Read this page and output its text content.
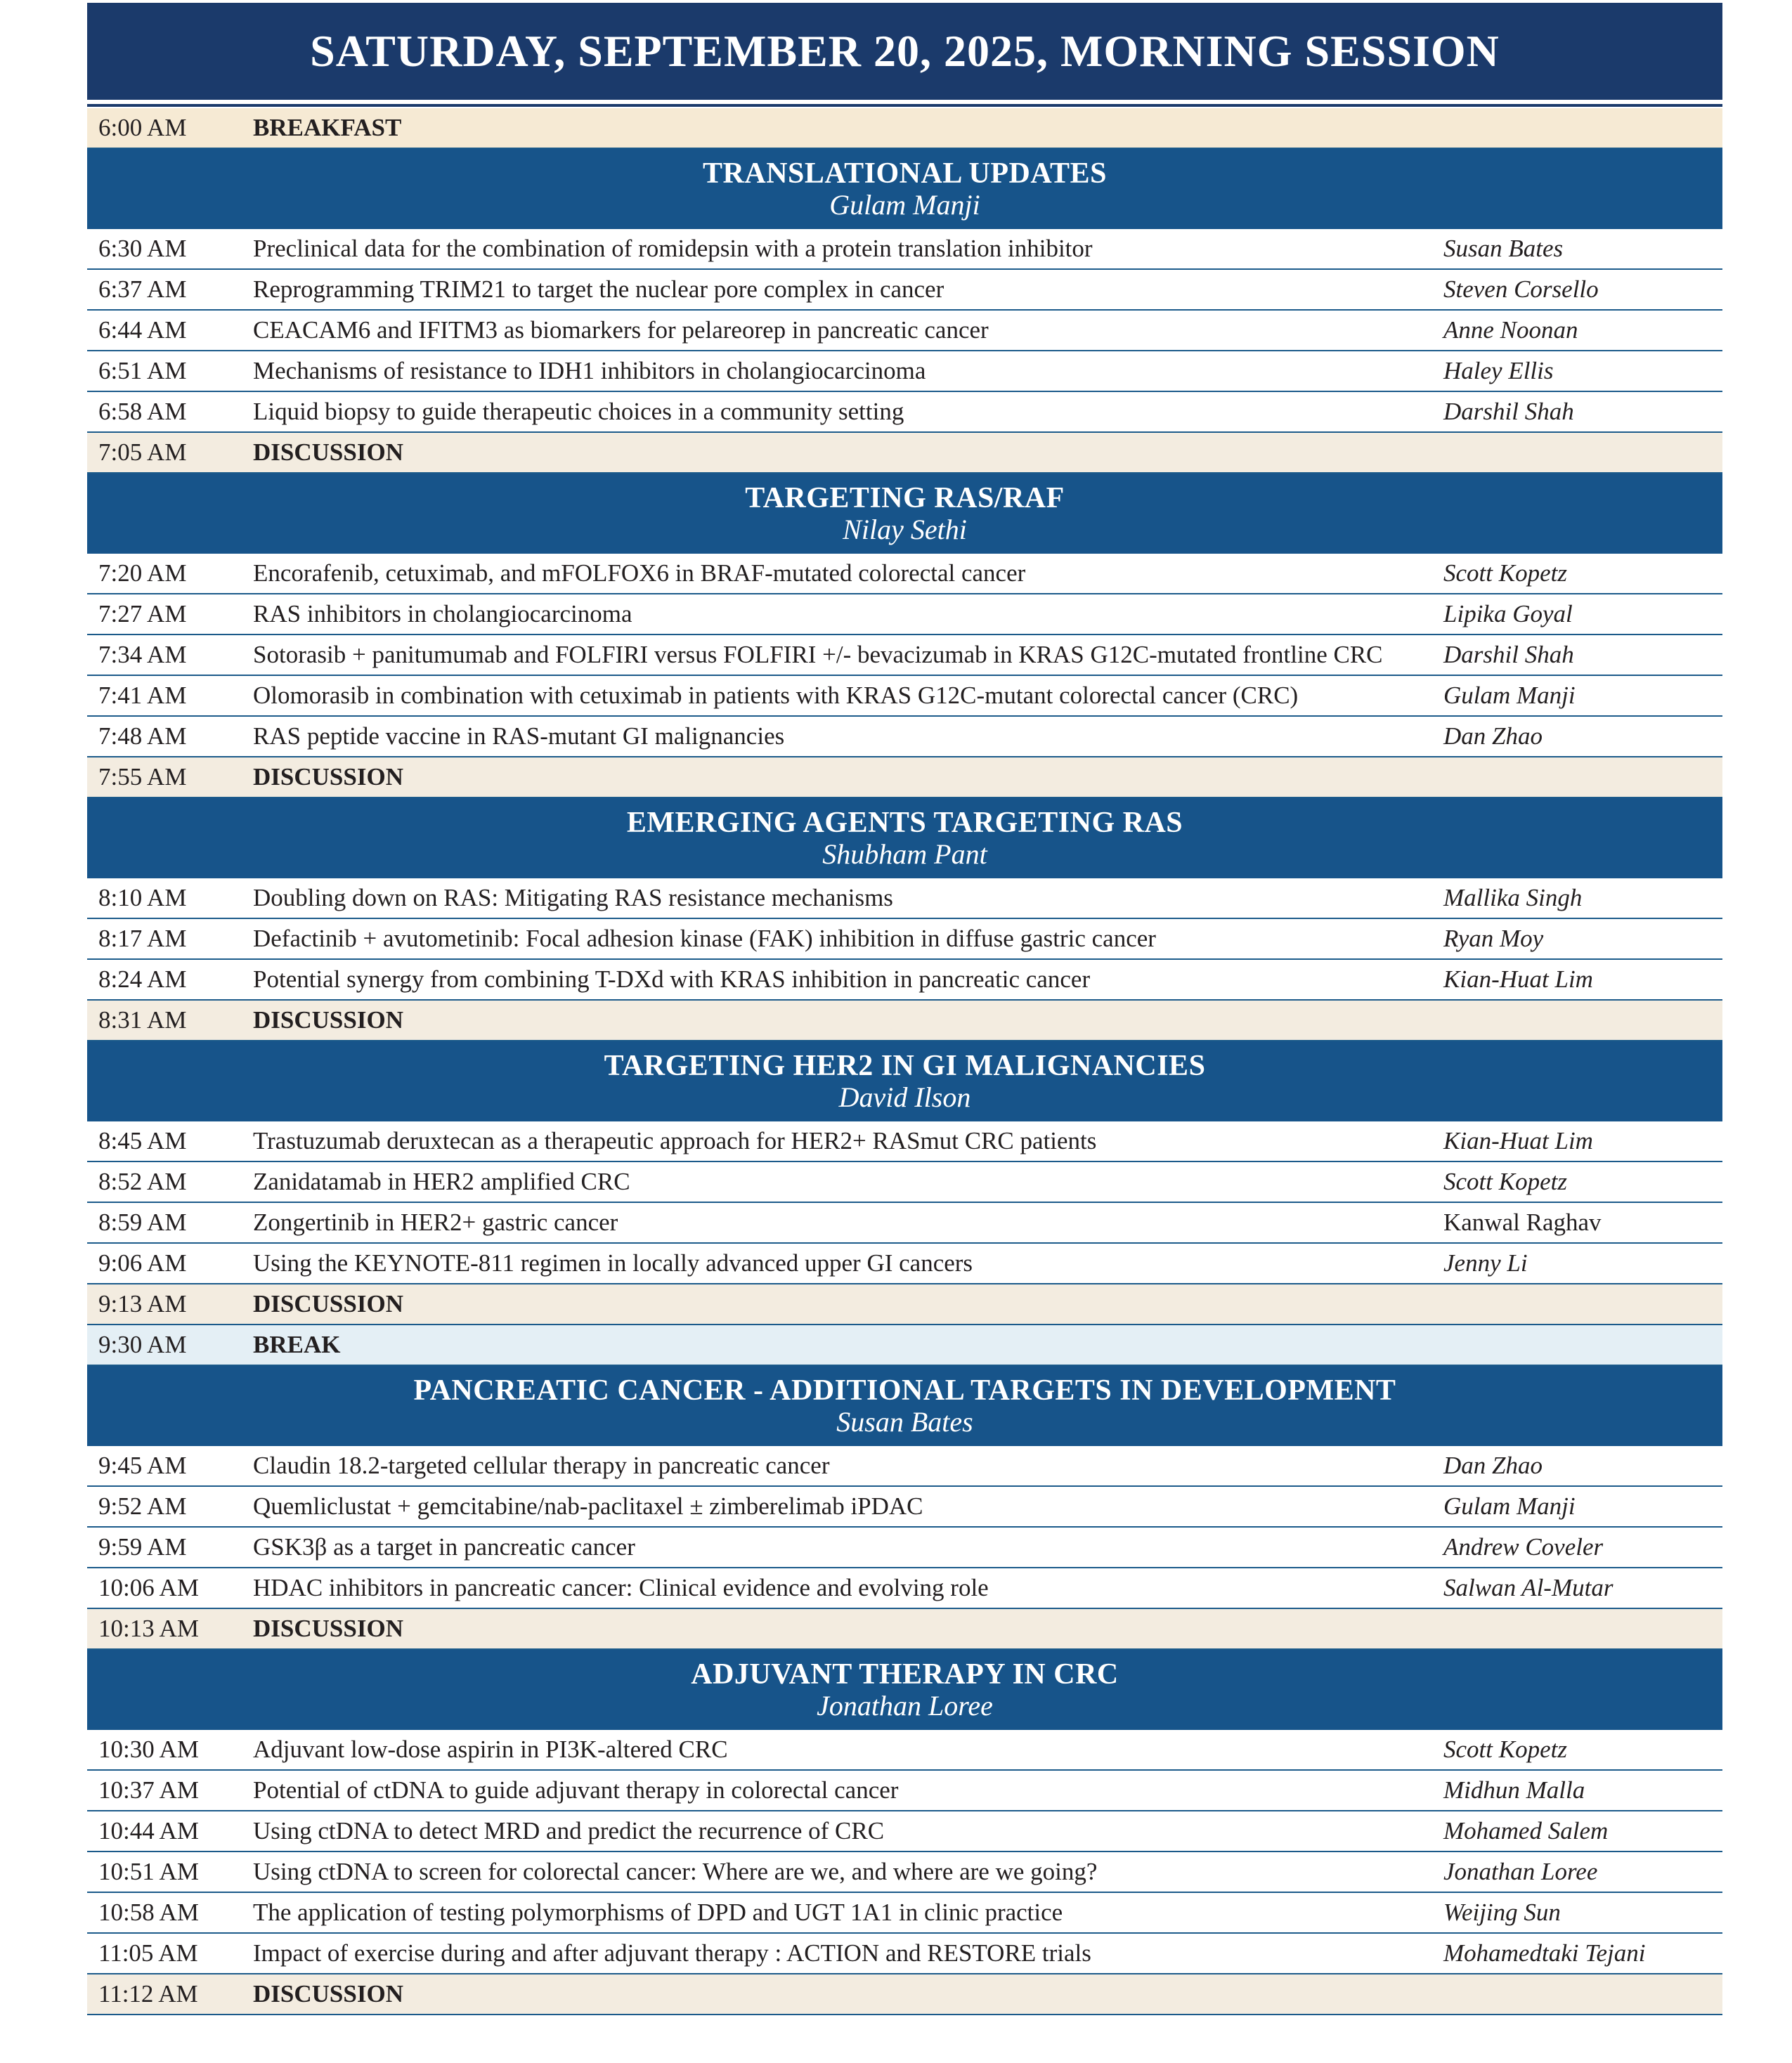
SATURDAY, SEPTEMBER 20, 2025, MORNING SESSION
6:00 AM	BREAKFAST
TRANSLATIONAL UPDATES
Gulam Manji
6:30 AM	Preclinical data for the combination of romidepsin with a protein translation inhibitor	Susan Bates
6:37 AM	Reprogramming TRIM21 to target the nuclear pore complex in cancer	Steven Corsello
6:44 AM	CEACAM6 and IFITM3 as biomarkers for pelareorep in pancreatic cancer	Anne Noonan
6:51 AM	Mechanisms of resistance to IDH1 inhibitors in cholangiocarcinoma	Haley Ellis
6:58 AM	Liquid biopsy to guide therapeutic choices in a community setting	Darshil Shah
7:05 AM	DISCUSSION
TARGETING RAS/RAF
Nilay Sethi
7:20 AM	Encorafenib, cetuximab, and mFOLFOX6 in BRAF-mutated colorectal cancer	Scott Kopetz
7:27 AM	RAS inhibitors in cholangiocarcinoma	Lipika Goyal
7:34 AM	Sotorasib + panitumumab and FOLFIRI versus FOLFIRI +/- bevacizumab in KRAS G12C-mutated frontline CRC	Darshil Shah
7:41 AM	Olomorasib in combination with cetuximab in patients with KRAS G12C-mutant colorectal cancer (CRC)	Gulam Manji
7:48 AM	RAS peptide vaccine in RAS-mutant GI malignancies	Dan Zhao
7:55 AM	DISCUSSION
EMERGING AGENTS TARGETING RAS
Shubham Pant
8:10 AM	Doubling down on RAS: Mitigating RAS resistance mechanisms	Mallika Singh
8:17 AM	Defactinib + avutometinib: Focal adhesion kinase (FAK) inhibition in diffuse gastric cancer	Ryan Moy
8:24 AM	Potential synergy from combining T-DXd with KRAS inhibition in pancreatic cancer	Kian-Huat Lim
8:31 AM	DISCUSSION
TARGETING HER2 IN GI MALIGNANCIES
David Ilson
8:45 AM	Trastuzumab deruxtecan as a therapeutic approach for HER2+ RASmut CRC patients	Kian-Huat Lim
8:52 AM	Zanidatamab in HER2 amplified CRC	Scott Kopetz
8:59 AM	Zongertinib in HER2+ gastric cancer	Kanwal Raghav
9:06 AM	Using the KEYNOTE-811 regimen in locally advanced upper GI cancers	Jenny Li
9:13 AM	DISCUSSION
9:30 AM	BREAK
PANCREATIC CANCER - ADDITIONAL TARGETS IN DEVELOPMENT
Susan Bates
9:45 AM	Claudin 18.2-targeted cellular therapy in pancreatic cancer	Dan Zhao
9:52 AM	Quemliclustat + gemcitabine/nab-paclitaxel ± zimberelimab iPDAC	Gulam Manji
9:59 AM	GSK3β as a target in pancreatic cancer	Andrew Coveler
10:06 AM	HDAC inhibitors in pancreatic cancer: Clinical evidence and evolving role	Salwan Al-Mutar
10:13 AM	DISCUSSION
ADJUVANT THERAPY IN CRC
Jonathan Loree
10:30 AM	Adjuvant low-dose aspirin in PI3K-altered CRC	Scott Kopetz
10:37 AM	Potential of ctDNA to guide adjuvant therapy in colorectal cancer	Midhun Malla
10:44 AM	Using ctDNA to detect MRD and predict the recurrence of CRC	Mohamed Salem
10:51 AM	Using ctDNA to screen for colorectal cancer: Where are we, and where are we going?	Jonathan Loree
10:58 AM	The application of testing polymorphisms of DPD and UGT 1A1 in clinic practice	Weijing Sun
11:05 AM	Impact of exercise during and after adjuvant therapy : ACTION and RESTORE trials	Mohamedtaki Tejani
11:12 AM	DISCUSSION
